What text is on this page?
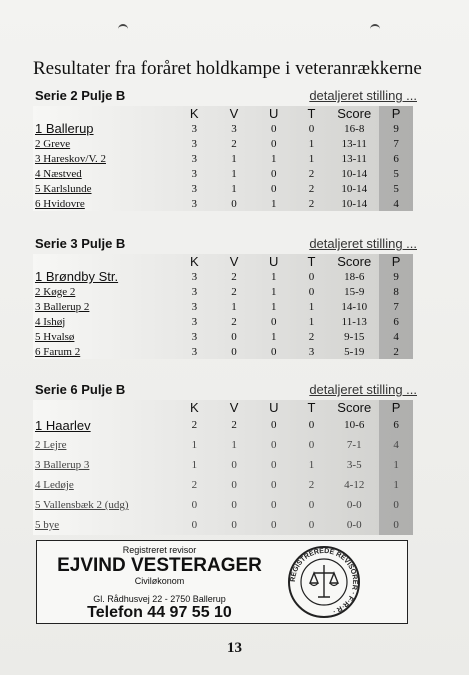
Resultater fra foråret holdkampe i veteranrækkerne
Serie 2 Pulje B	detaljeret stilling ...
	K	V	U	T	Score	P
1 Ballerup	3	3	0	0	16-8	9
2 Greve	3	2	0	1	13-11	7
3 Hareskov/V. 2	3	1	1	1	13-11	6
4 Næstved	3	1	0	2	10-14	5
5 Karlslunde	3	1	0	2	10-14	5
6 Hvidovre	3	0	1	2	10-14	4
Serie 3 Pulje B	detaljeret stilling ...
	K	V	U	T	Score	P
1 Brøndby Str.	3	2	1	0	18-6	9
2 Køge 2	3	2	1	0	15-9	8
3 Ballerup 2	3	1	1	1	14-10	7
4 Ishøj	3	2	0	1	11-13	6
5 Hvalsø	3	0	1	2	9-15	4
6 Farum 2	3	0	0	3	5-19	2
Serie 6 Pulje B	detaljeret stilling ...
	K	V	U	T	Score	P
1 Haarlev	2	2	0	0	10-6	6
2 Lejre	1	1	0	0	7-1	4
3 Ballerup 3	1	0	0	1	3-5	1
4 Ledøje	2	0	0	2	4-12	1
5 Vallensbæk 2 (udg)	0	0	0	0	0-0	0
5 bye	0	0	0	0	0-0	0
Registreret revisor
EJVIND VESTERAGER
Civiløkonom
Gl. Rådhusvej 22 - 2750 Ballerup
Telefon 44 97 55 10
REGISTREREDE REVISORER · F·R·R ·
13
